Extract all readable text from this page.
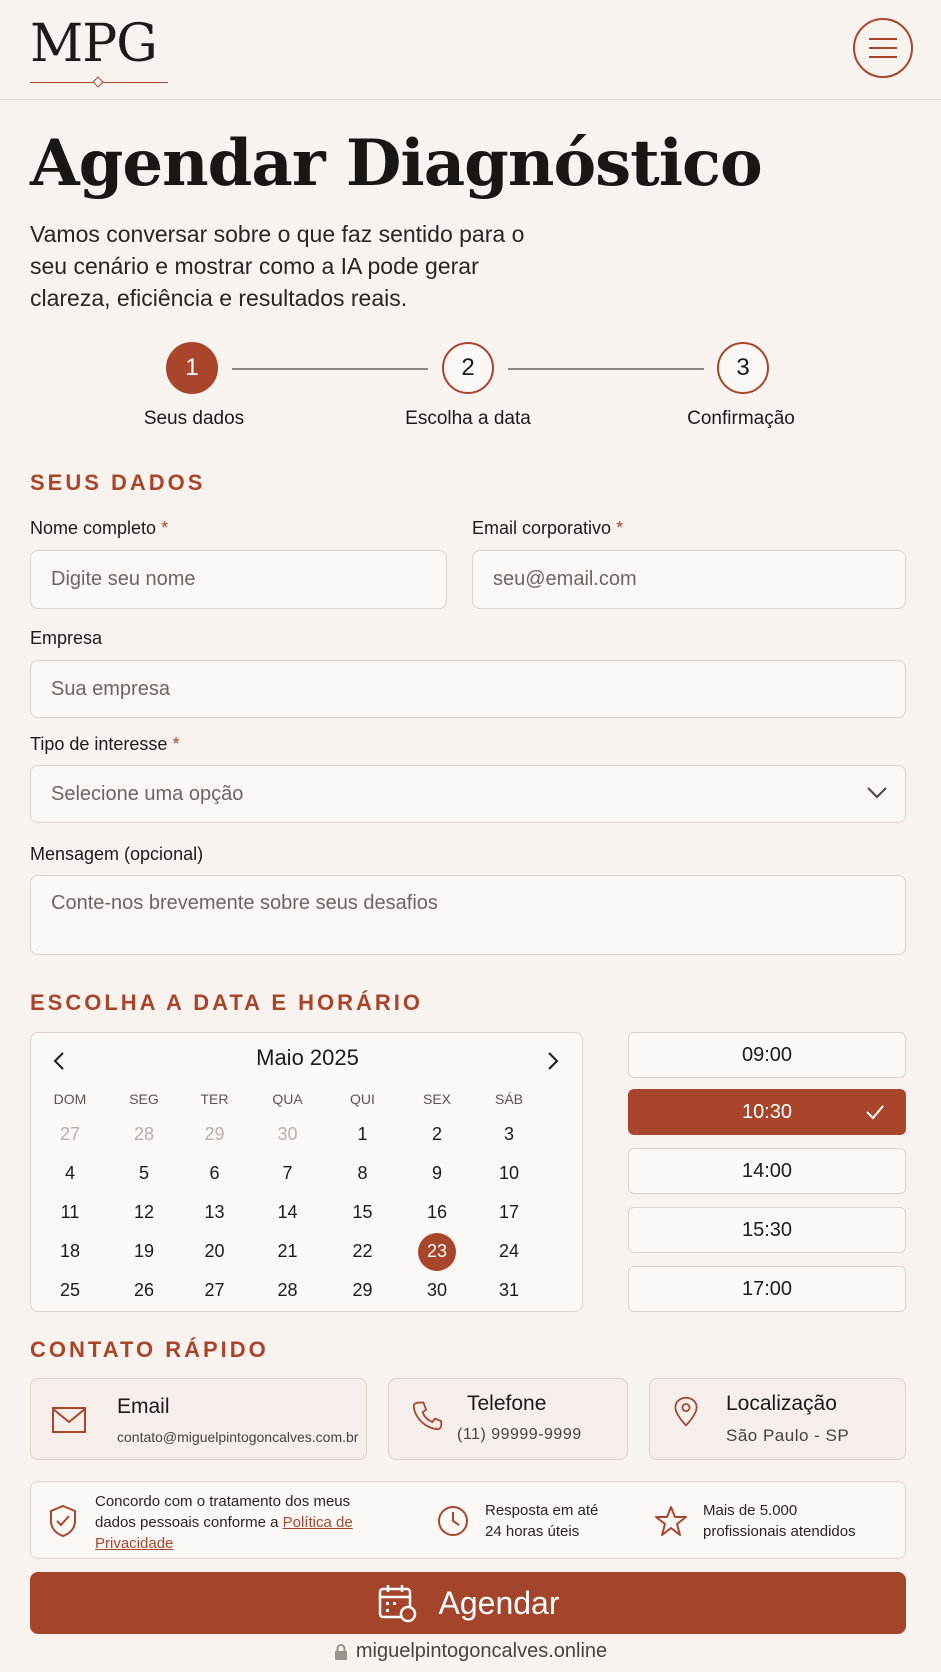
MPG
Agendar Diagnóstico

Vamos conversar sobre o que faz sentido para o seu cenário e mostrar como a IA pode gerar clareza, eficiência e resultados reais.

1	2	3
Seus dados	Escolha a data	Confirmação
SEUS DADOS
Nome completo *
Digite seu nome
Email corporativo *
seu@email.com
Empresa
Sua empresa
Tipo de interesse *
Selecione uma opção
Mensagem (opcional)
Conte-nos brevemente sobre seus desafios
ESCOLHA A DATA E HORÁRIO
Maio 2025
DOM	SEG	TER	QUA	QUI	SEX	SÁB
27	28	29	30	1	2	3
4	5	6	7	8	9	10
11	12	13	14	15	16	17
18	19	20	21	22	23	24
25	26	27	28	29	30	31
09:00
10:30
14:00
15:30
17:00
CONTATO RÁPIDO
Email
contato@miguelpintogoncalves.com.br
Telefone
(11) 99999-9999
Localização
São Paulo - SP
Concordo com o tratamento dos meus
dados pessoais conforme a Política de
Privacidade
Resposta em até
24 horas úteis
Mais de 5.000
profissionais atendidos
Agendar
miguelpintogoncalves.online
